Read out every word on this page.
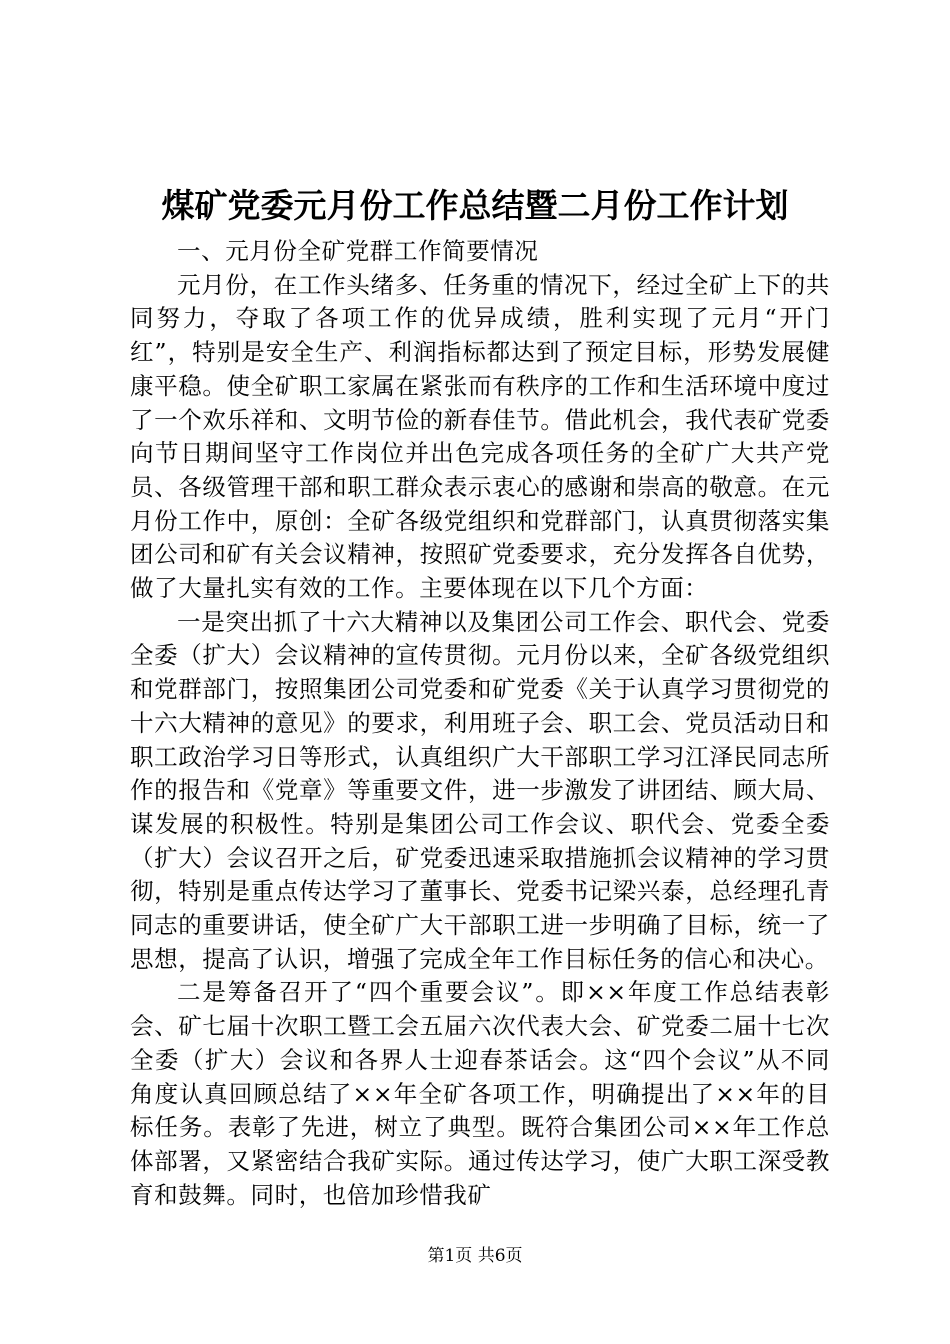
煤矿党委元月份工作总结暨二月份工作计划

一、元月份全矿党群工作简要情况

元月份，在工作头绪多、任务重的情况下，经过全矿上下的共同努力，夺取了各项工作的优异成绩，胜利实现了元月“开门红”，特别是安全生产、利润指标都达到了预定目标，形势发展健康平稳。使全矿职工家属在紧张而有秩序的工作和生活环境中度过了一个欢乐祥和、文明节俭的新春佳节。借此机会，我代表矿党委向节日期间坚守工作岗位并出色完成各项任务的全矿广大共产党员、各级管理干部和职工群众表示衷心的感谢和崇高的敬意。在元月份工作中，原创：全矿各级党组织和党群部门，认真贯彻落实集团公司和矿有关会议精神，按照矿党委要求，充分发挥各自优势，做了大量扎实有效的工作。主要体现在以下几个方面：

一是突出抓了十六大精神以及集团公司工作会、职代会、党委全委（扩大）会议精神的宣传贯彻。元月份以来，全矿各级党组织和党群部门，按照集团公司党委和矿党委《关于认真学习贯彻党的十六大精神的意见》的要求，利用班子会、职工会、党员活动日和职工政治学习日等形式，认真组织广大干部职工学习江泽民同志所作的报告和《党章》等重要文件，进一步激发了讲团结、顾大局、谋发展的积极性。特别是集团公司工作会议、职代会、党委全委（扩大）会议召开之后，矿党委迅速采取措施抓会议精神的学习贯彻，特别是重点传达学习了董事长、党委书记梁兴泰，总经理孔青同志的重要讲话，使全矿广大干部职工进一步明确了目标，统一了思想，提高了认识，增强了完成全年工作目标任务的信心和决心。

二是筹备召开了“四个重要会议”。即××年度工作总结表彰会、矿七届十次职工暨工会五届六次代表大会、矿党委二届十七次全委（扩大）会议和各界人士迎春茶话会。这“四个会议”从不同角度认真回顾总结了××年全矿各项工作，明确提出了××年的目标任务。表彰了先进，树立了典型。既符合集团公司××年工作总体部署，又紧密结合我矿实际。通过传达学习，使广大职工深受教育和鼓舞。同时，也倍加珍惜我矿

第1页 共6页
